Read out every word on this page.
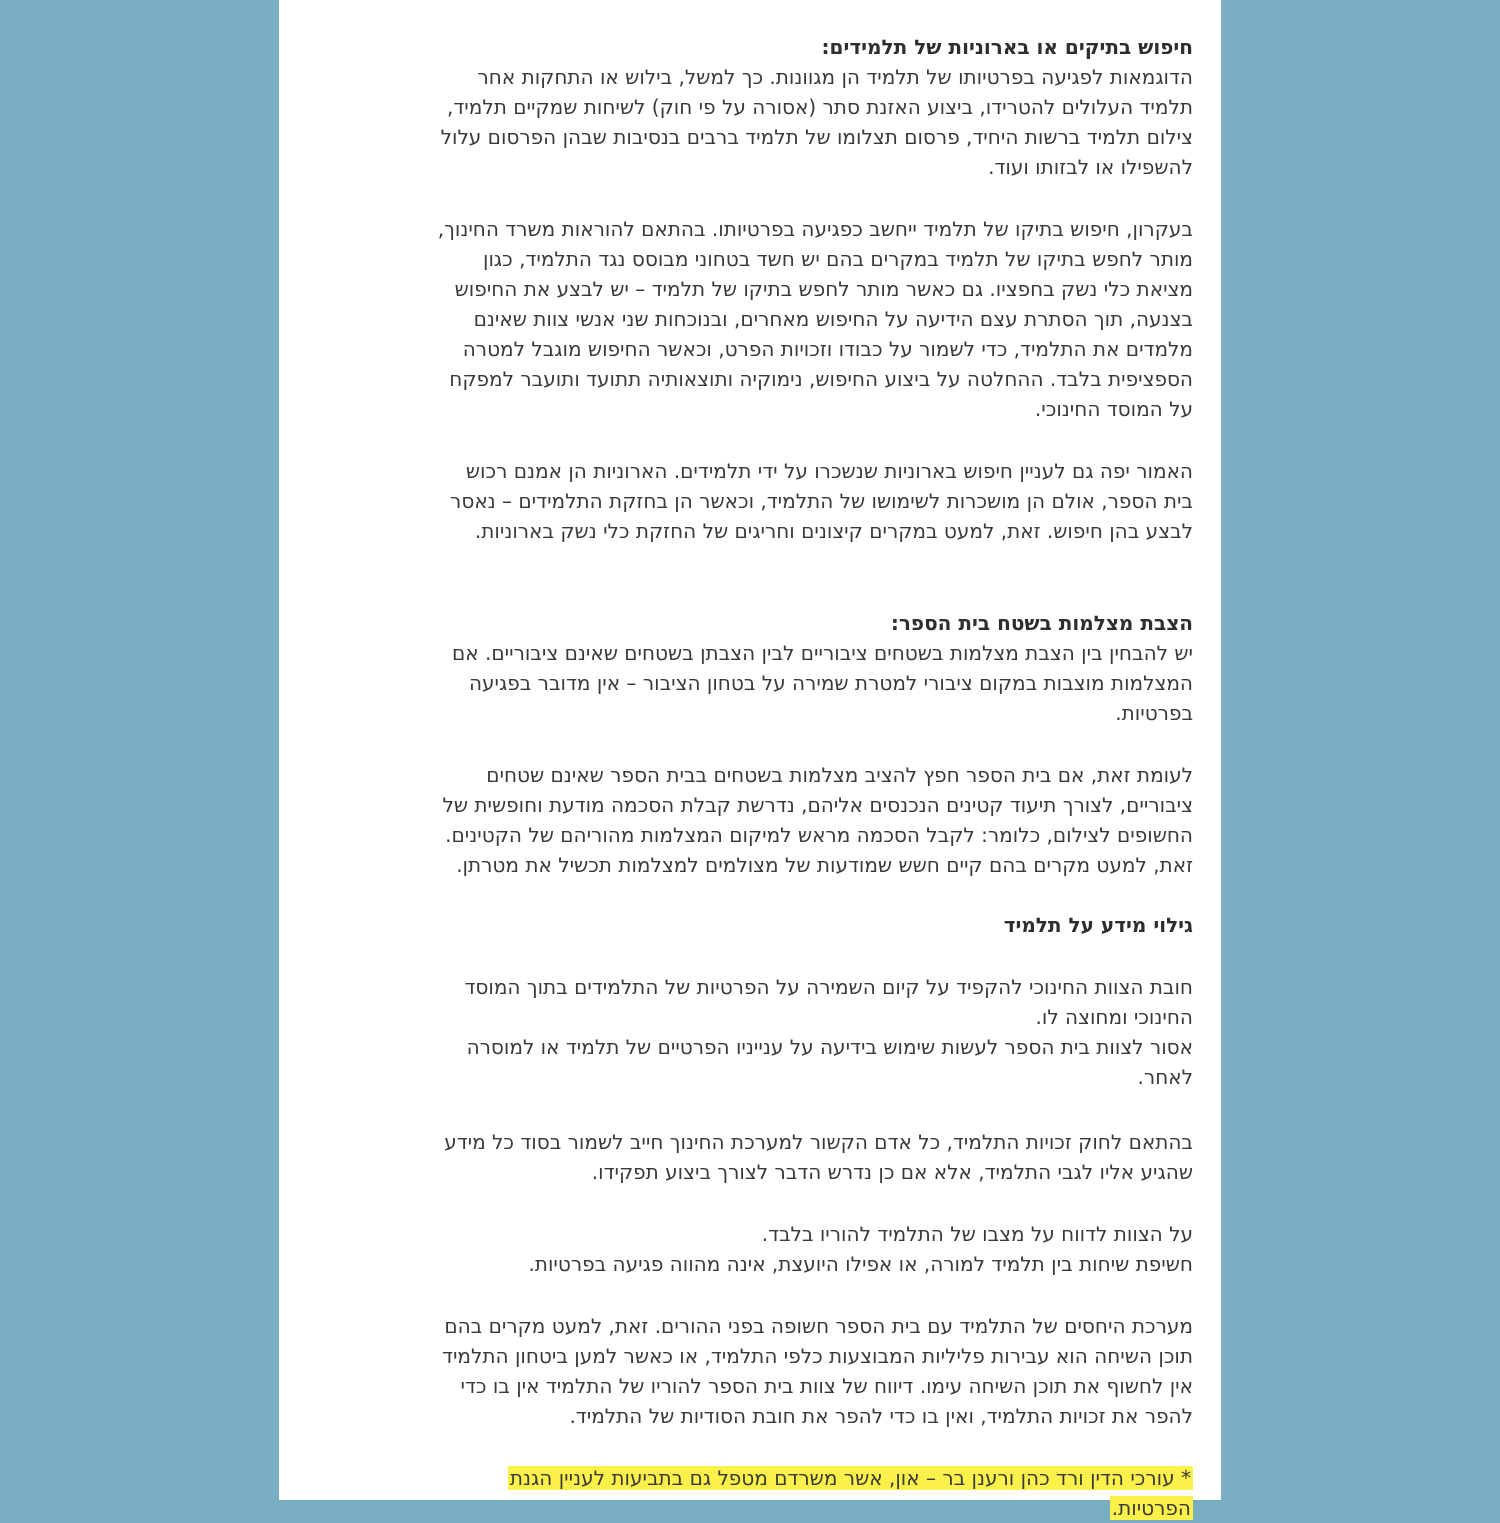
חיפוש בתיקים או בארוניות של תלמידים:
הדוגמאות לפגיעה בפרטיותו של תלמיד הן מגוונות. כך למשל, בילוש או התחקות אחר
תלמיד העלולים להטרידו, ביצוע האזנת סתר (אסורה על פי חוק) לשיחות שמקיים תלמיד,
צילום תלמיד ברשות היחיד, פרסום תצלומו של תלמיד ברבים בנסיבות שבהן הפרסום עלול
להשפילו או לבזותו ועוד.
בעקרון, חיפוש בתיקו של תלמיד ייחשב כפגיעה בפרטיותו. בהתאם להוראות משרד החינוך,
מותר לחפש בתיקו של תלמיד במקרים בהם יש חשד בטחוני מבוסס נגד התלמיד, כגון
מציאת כלי נשק בחפציו. גם כאשר מותר לחפש בתיקו של תלמיד – יש לבצע את החיפוש
בצנעה, תוך הסתרת עצם הידיעה על החיפוש מאחרים, ובנוכחות שני אנשי צוות שאינם
מלמדים את התלמיד, כדי לשמור על כבודו וזכויות הפרט, וכאשר החיפוש מוגבל למטרה
הספציפית בלבד. ההחלטה על ביצוע החיפוש, נימוקיה ותוצאותיה תתועד ותועבר למפקח
על המוסד החינוכי.
האמור יפה גם לעניין חיפוש בארוניות שנשכרו על ידי תלמידים. הארוניות הן אמנם רכוש
בית הספר, אולם הן מושכרות לשימושו של התלמיד, וכאשר הן בחזקת התלמידים – נאסר
לבצע בהן חיפוש. זאת, למעט במקרים קיצונים וחריגים של החזקת כלי נשק בארוניות.
הצבת מצלמות בשטח בית הספר:
יש להבחין בין הצבת מצלמות בשטחים ציבוריים לבין הצבתן בשטחים שאינם ציבוריים. אם
המצלמות מוצבות במקום ציבורי למטרת שמירה על בטחון הציבור – אין מדובר בפגיעה
בפרטיות.
לעומת זאת, אם בית הספר חפץ להציב מצלמות בשטחים בבית הספר שאינם שטחים
ציבוריים, לצורך תיעוד קטינים הנכנסים אליהם, נדרשת קבלת הסכמה מודעת וחופשית של
החשופים לצילום, כלומר: לקבל הסכמה מראש למיקום המצלמות מהוריהם של הקטינים.
זאת, למעט מקרים בהם קיים חשש שמודעות של מצולמים למצלמות תכשיל את מטרתן.
גילוי מידע על תלמיד
חובת הצוות החינוכי להקפיד על קיום השמירה על הפרטיות של התלמידים בתוך המוסד
החינוכי ומחוצה לו.
אסור לצוות בית הספר לעשות שימוש בידיעה על ענייניו הפרטיים של תלמיד או למוסרה
לאחר.
בהתאם לחוק זכויות התלמיד, כל אדם הקשור למערכת החינוך חייב לשמור בסוד כל מידע
שהגיע אליו לגבי התלמיד, אלא אם כן נדרש הדבר לצורך ביצוע תפקידו.
על הצוות לדווח על מצבו של התלמיד להוריו בלבד.
חשיפת שיחות בין תלמיד למורה, או אפילו היועצת, אינה מהווה פגיעה בפרטיות.
מערכת היחסים של התלמיד עם בית הספר חשופה בפני ההורים. זאת, למעט מקרים בהם
תוכן השיחה הוא עבירות פליליות המבוצעות כלפי התלמיד, או כאשר למען ביטחון התלמיד
אין לחשוף את תוכן השיחה עימו. דיווח של צוות בית הספר להוריו של התלמיד אין בו כדי
להפר את זכויות התלמיד, ואין בו כדי להפר את חובת הסודיות של התלמיד.
* עורכי הדין ורד כהן ורענן בר – און, אשר משרדם מטפל גם בתביעות לעניין הגנת
הפרטיות.
